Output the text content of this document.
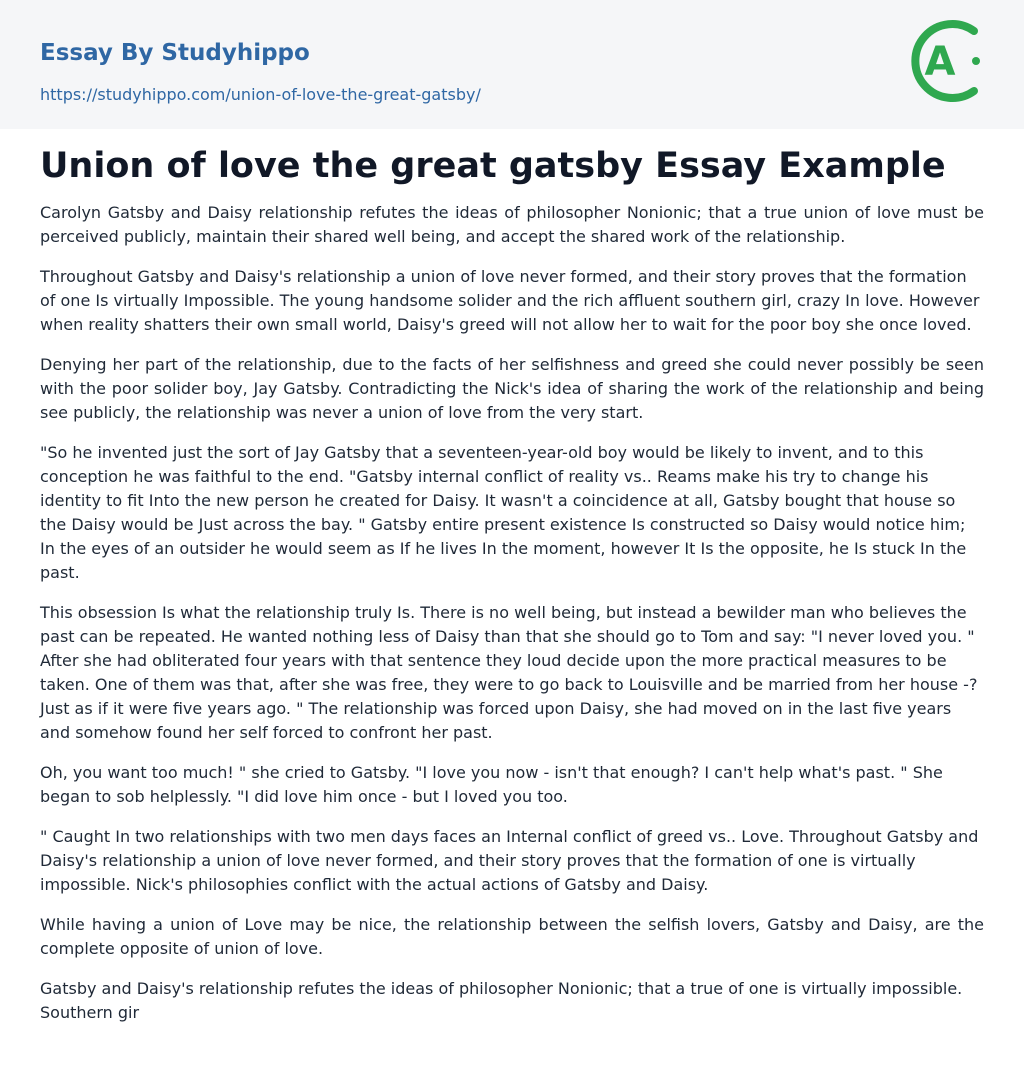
Essay By Studyhippo
https://studyhippo.com/union-of-love-the-great-gatsby/
A
Union of love the great gatsby Essay Example

Carolyn Gatsby and Daisy relationship refutes the ideas of philosopher Nonionic; that a true union of love must be perceived publicly, maintain their shared well being, and accept the shared work of the relationship.

Throughout Gatsby and Daisy's relationship a union of love never formed, and their story proves that the formation of one Is virtually Impossible. The young handsome solider and the rich affluent southern girl, crazy In love. However when reality shatters their own small world, Daisy's greed will not allow her to wait for the poor boy she once loved.

Denying her part of the relationship, due to the facts of her selfishness and greed she could never possibly be seen with the poor solider boy, Jay Gatsby. Contradicting the Nick's idea of sharing the work of the relationship and being see publicly, the relationship was never a union of love from the very start.

"So he invented just the sort of Jay Gatsby that a seventeen-year-old boy would be likely to invent, and to this conception he was faithful to the end. "Gatsby internal conflict of reality vs.. Reams make his try to change his identity to fit Into the new person he created for Daisy. It wasn't a coincidence at all, Gatsby bought that house so the Daisy would be Just across the bay. " Gatsby entire present existence Is constructed so Daisy would notice him; In the eyes of an outsider he would seem as If he lives In the moment, however It Is the opposite, he Is stuck In the past.

This obsession Is what the relationship truly Is. There is no well being, but instead a bewilder man who believes the past can be repeated. He wanted nothing less of Daisy than that she should go to Tom and say: "I never loved you. " After she had obliterated four years with that sentence they loud decide upon the more practical measures to be taken. One of them was that, after she was free, they were to go back to Louisville and be married from her house -? Just as if it were five years ago. " The relationship was forced upon Daisy, she had moved on in the last five years and somehow found her self forced to confront her past.

Oh, you want too much! " she cried to Gatsby. "I love you now - isn't that enough? I can't help what's past. " She began to sob helplessly. "I did love him once - but I loved you too.

" Caught In two relationships with two men days faces an Internal conflict of greed vs.. Love. Throughout Gatsby and Daisy's relationship a union of love never formed, and their story proves that the formation of one is virtually impossible. Nick's philosophies conflict with the actual actions of Gatsby and Daisy.

While having a union of Love may be nice, the relationship between the selfish lovers, Gatsby and Daisy, are the complete opposite of union of love.

Gatsby and Daisy's relationship refutes the ideas of philosopher Nonionic; that a true of one is virtually impossible. Southern gir
